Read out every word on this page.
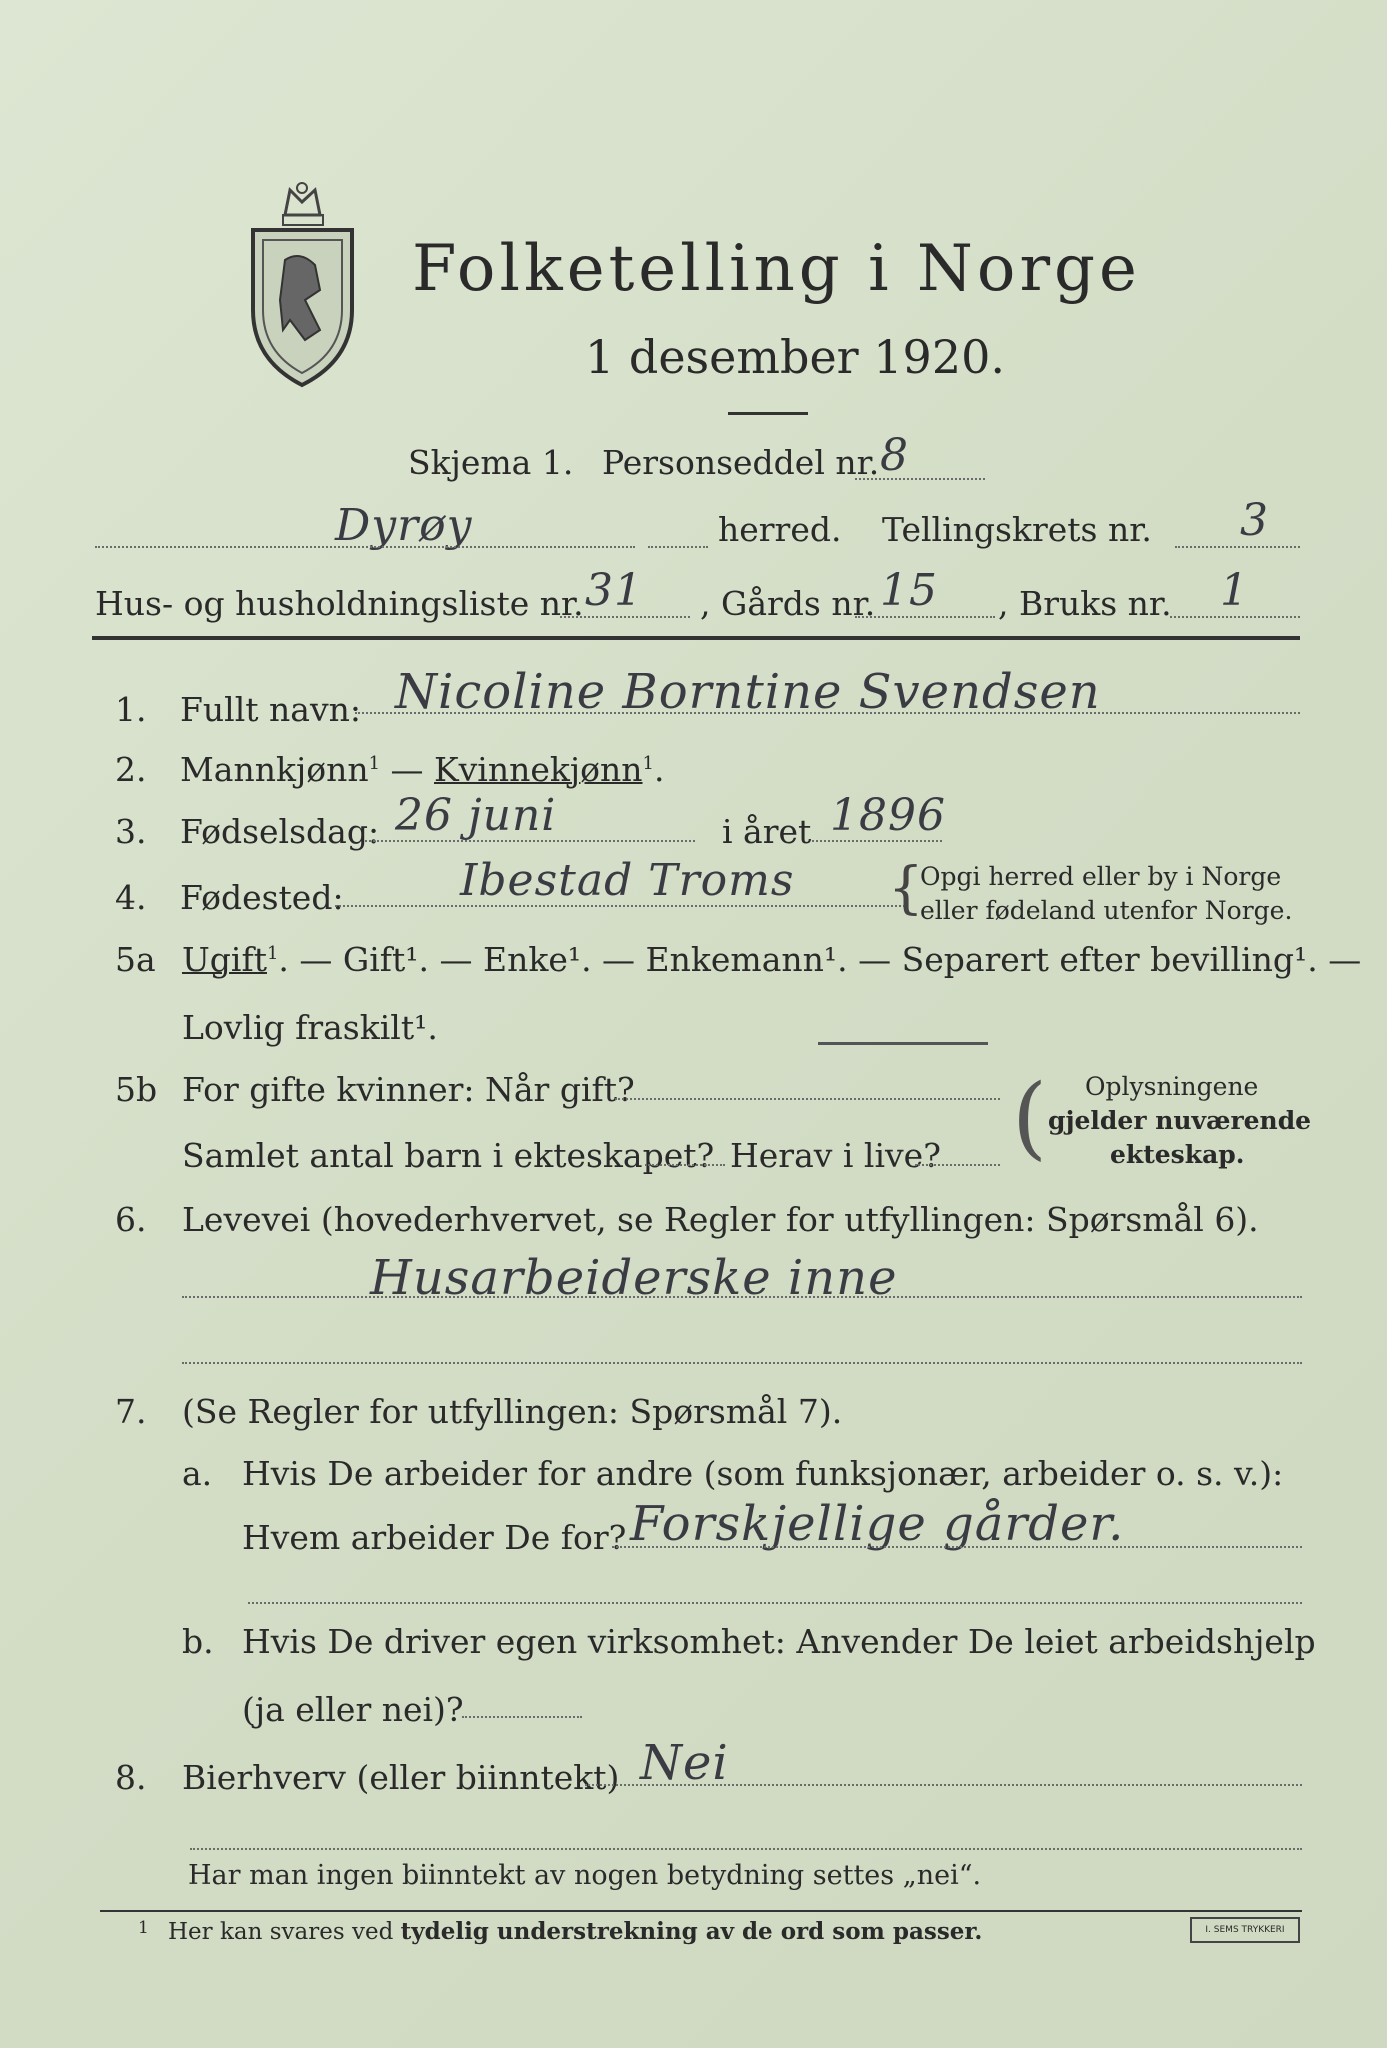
Folketelling i Norge
1 desember 1920.
Skjema 1. Personseddel nr. 8
Dyrøy	herred. Tellingskrets nr. 3
Hus- og husholdningsliste nr. 31 , Gårds nr. 15 , Bruks nr. 1
1. Fullt navn: Nicoline Borntine Svendsen
2. Mannkjønn$^1$ — Kvinnekjønn$^1$.
3. Fødselsdag: 26 juni	i året 1896
4. Fødested:	Ibestad Troms {
Opgi herred eller by i Norge
eller fødeland utenfor Norge.
5a Ugift$^1$. — Gift¹. — Enke¹. — Enkemann¹. — Separert efter bevilling¹. —
Lovlig fraskilt¹.
5b For gifte kvinner: Når gift?
Samlet antal barn i ekteskapet? Herav i live? ( Oplysningene
gjelder nuværende
ekteskap.
6. Levevei (hovederhvervet, se Regler for utfyllingen: Spørsmål 6).
Husarbeiderske inne
7. (Se Regler for utfyllingen: Spørsmål 7).
a. Hvis De arbeider for andre (som funksjonær, arbeider o. s. v.):
Hvem arbeider De for? Forskjellige gårder.
b. Hvis De driver egen virksomhet: Anvender De leiet arbeidshjelp
(ja eller nei)?
8. Bierhverv (eller biinntekt) Nei
Har man ingen biinntekt av nogen betydning settes „nei“.
1 Her kan svares ved tydelig understrekning av de ord som passer.	I. SEMS TRYKKERI
